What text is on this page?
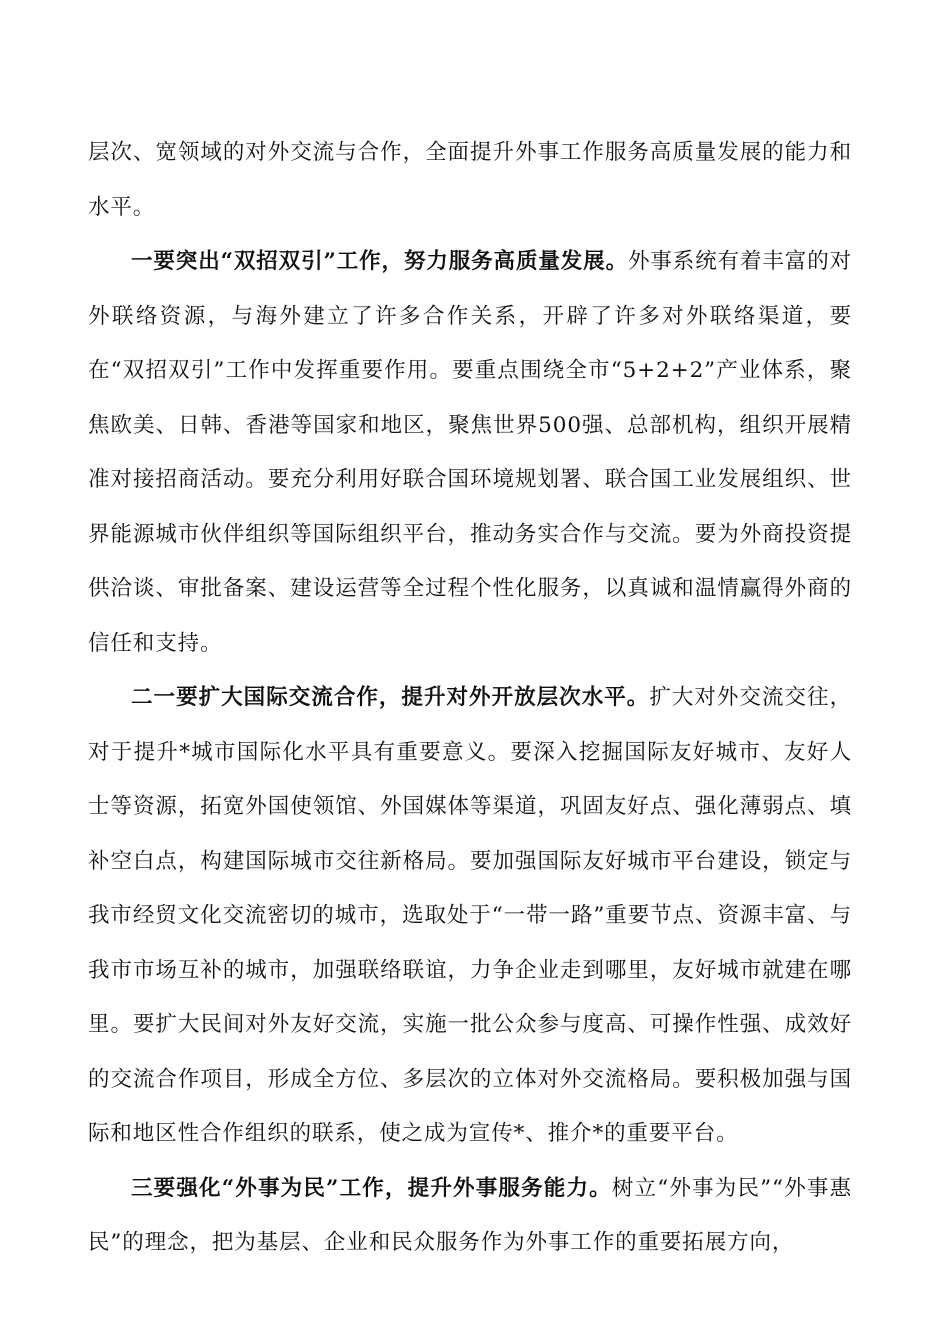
层次、宽领域的对外交流与合作，全面提升外事工作服务高质量发展的能力和水平。

一要突出“双招双引”工作，努力服务高质量发展。外事系统有着丰富的对外联络资源，与海外建立了许多合作关系，开辟了许多对外联络渠道，要在“双招双引”工作中发挥重要作用。要重点围绕全市“5+2+2”产业体系，聚焦欧美、日韩、香港等国家和地区，聚焦世界500强、总部机构，组织开展精准对接招商活动。要充分利用好联合国环境规划署、联合国工业发展组织、世界能源城市伙伴组织等国际组织平台，推动务实合作与交流。要为外商投资提供洽谈、审批备案、建设运营等全过程个性化服务，以真诚和温情赢得外商的信任和支持。

二一要扩大国际交流合作，提升对外开放层次水平。扩大对外交流交往，对于提升*城市国际化水平具有重要意义。要深入挖掘国际友好城市、友好人士等资源，拓宽外国使领馆、外国媒体等渠道，巩固友好点、强化薄弱点、填补空白点，构建国际城市交往新格局。要加强国际友好城市平台建设，锁定与我市经贸文化交流密切的城市，选取处于“一带一路”重要节点、资源丰富、与我市市场互补的城市，加强联络联谊，力争企业走到哪里，友好城市就建在哪里。要扩大民间对外友好交流，实施一批公众参与度高、可操作性强、成效好的交流合作项目，形成全方位、多层次的立体对外交流格局。要积极加强与国际和地区性合作组织的联系，使之成为宣传*、推介*的重要平台。

三要强化“外事为民”工作，提升外事服务能力。树立“外事为民”“外事惠民”的理念，把为基层、企业和民众服务作为外事工作的重要拓展方向，
